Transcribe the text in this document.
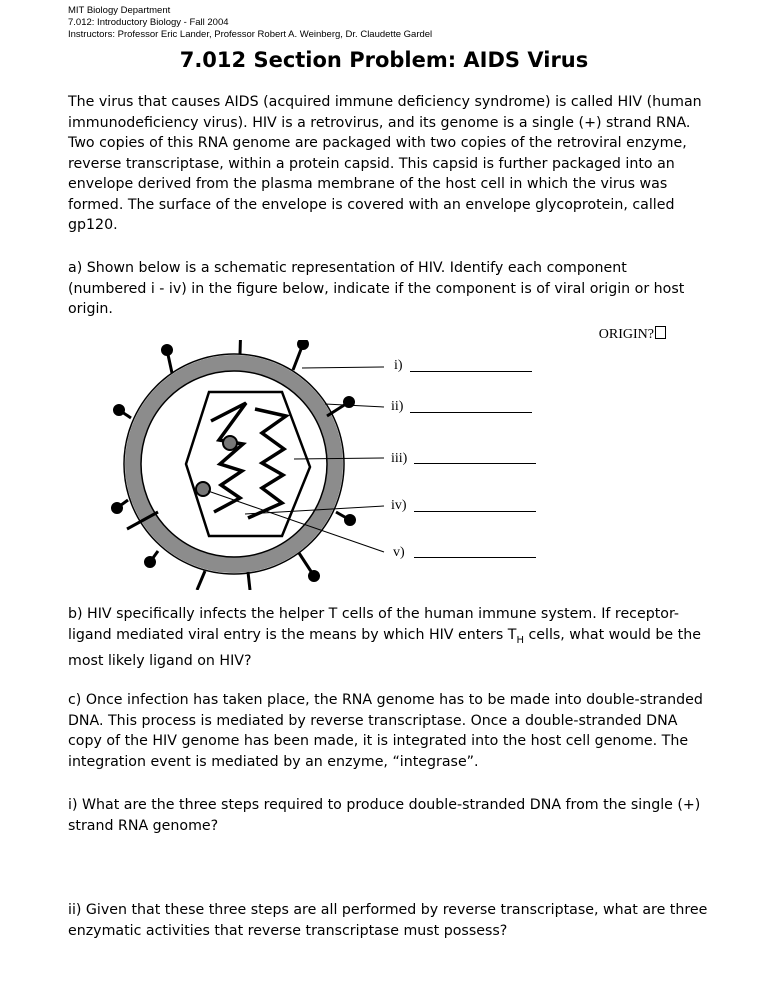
MIT Biology Department
7.012: Introductory Biology - Fall 2004
Instructors: Professor Eric Lander, Professor Robert A. Weinberg, Dr. Claudette Gardel
7.012 Section Problem: AIDS Virus

The virus that causes AIDS (acquired immune deficiency syndrome) is called HIV (human immunodeficiency virus). HIV is a retrovirus, and its genome is a single (+) strand RNA. Two copies of this RNA genome are packaged with two copies of the retroviral enzyme, reverse transcriptase, within a protein capsid. This capsid is further packaged into an envelope derived from the plasma membrane of the host cell in which the virus was formed. The surface of the envelope is covered with an envelope glycoprotein, called gp120.

a) Shown below is a schematic representation of HIV. Identify each component (numbered i - iv) in the figure below, indicate if the component is of viral origin or host origin.

ORIGIN?
i)
ii)
iii)
iv)
v)

b) HIV specifically infects the helper T cells of the human immune system. If receptor-ligand mediated viral entry is the means by which HIV enters $T_H$ cells, what would be the most likely ligand on HIV?

c) Once infection has taken place, the RNA genome has to be made into double-stranded DNA. This process is mediated by reverse transcriptase. Once a double-stranded DNA copy of the HIV genome has been made, it is integrated into the host cell genome. The integration event is mediated by an enzyme, “integrase”.

i) What are the three steps required to produce double-stranded DNA from the single (+) strand RNA genome?

ii) Given that these three steps are all performed by reverse transcriptase, what are three enzymatic activities that reverse transcriptase must possess?
